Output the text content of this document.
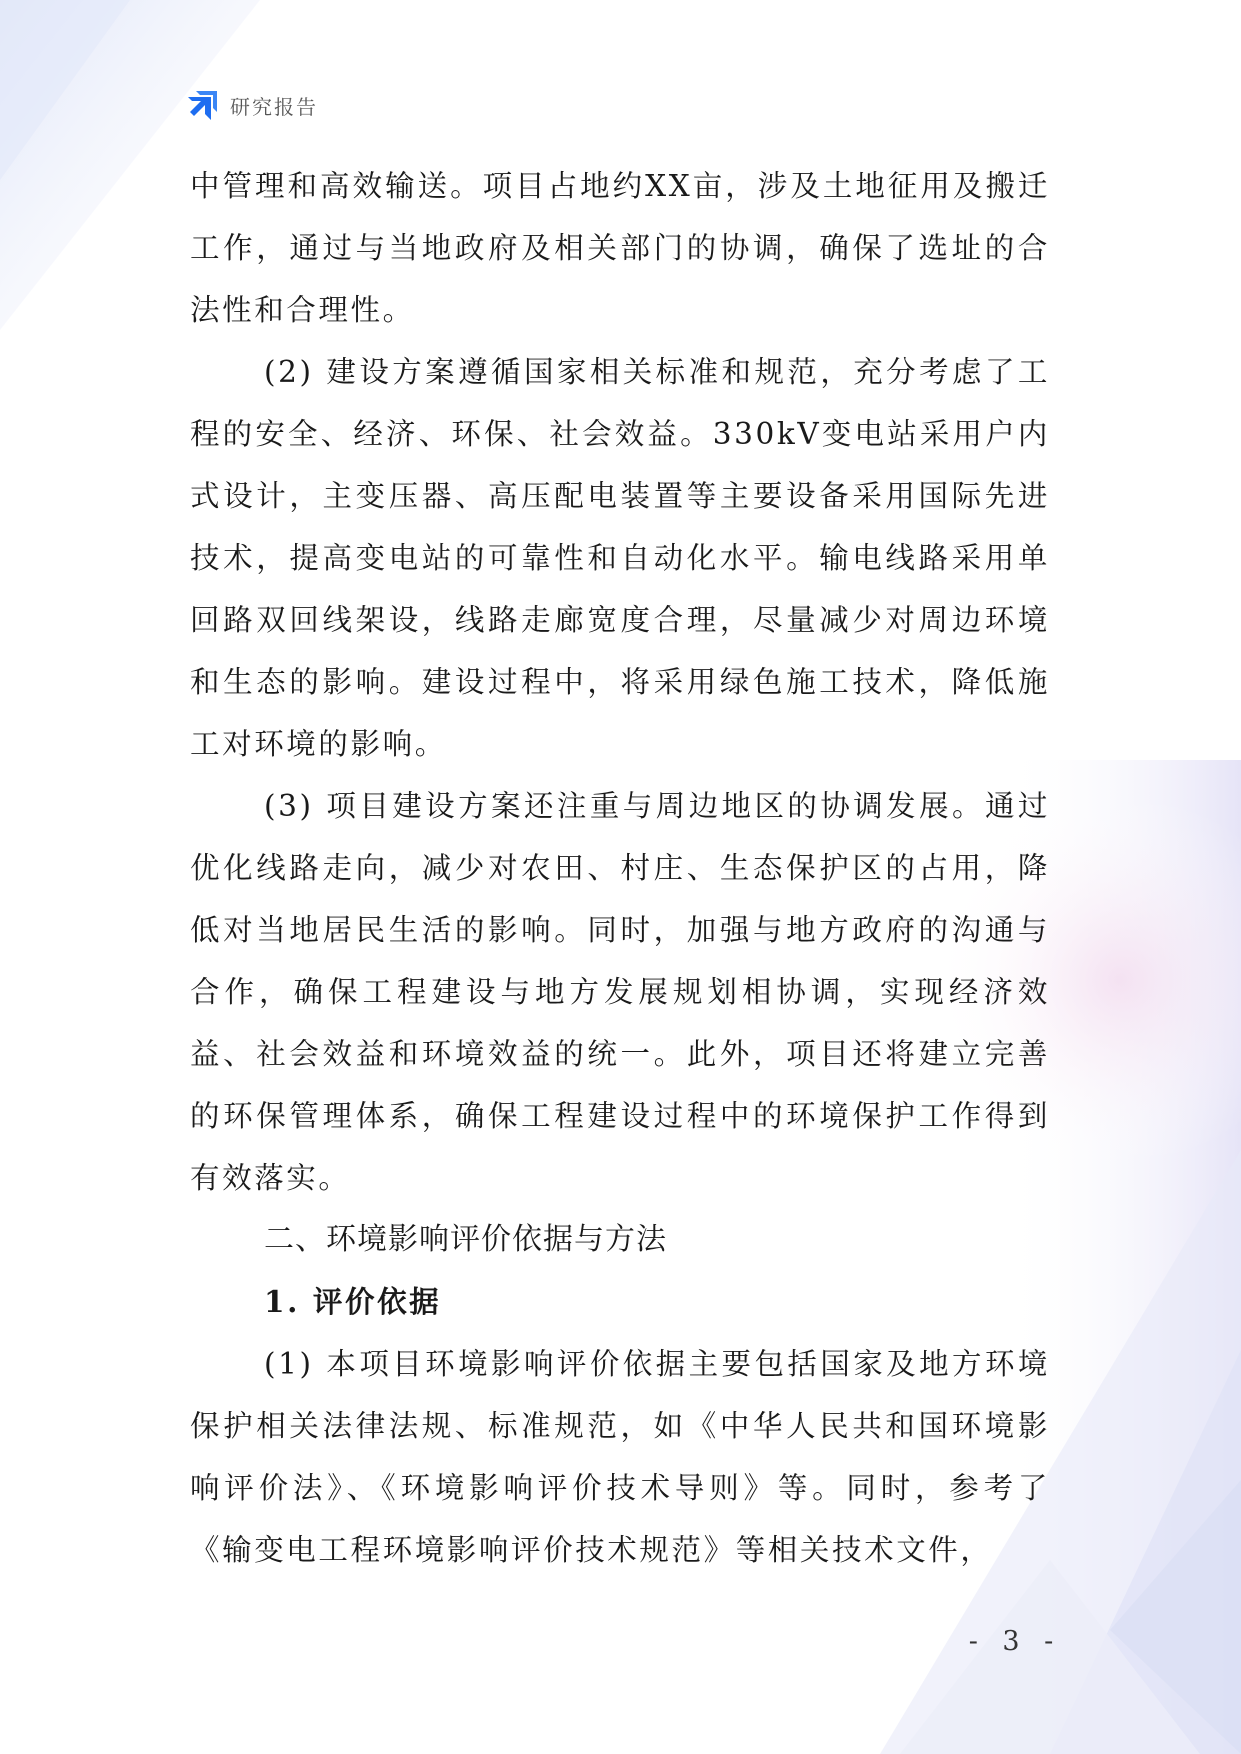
研究报告

中管理和高效输送。项目占地约XX亩，涉及土地征用及搬迁工作，通过与当地政府及相关部门的协调，确保了选址的合法性和合理性。

(2) 建设方案遵循国家相关标准和规范，充分考虑了工程的安全、经济、环保、社会效益。330kV变电站采用户内式设计，主变压器、高压配电装置等主要设备采用国际先进技术，提高变电站的可靠性和自动化水平。输电线路采用单回路双回线架设，线路走廊宽度合理，尽量减少对周边环境和生态的影响。建设过程中，将采用绿色施工技术，降低施工对环境的影响。

(3) 项目建设方案还注重与周边地区的协调发展。通过优化线路走向，减少对农田、村庄、生态保护区的占用，降低对当地居民生活的影响。同时，加强与地方政府的沟通与合作，确保工程建设与地方发展规划相协调，实现经济效益、社会效益和环境效益的统一。此外，项目还将建立完善的环保管理体系，确保工程建设过程中的环境保护工作得到有效落实。

二、环境影响评价依据与方法
1. 评价依据

(1) 本项目环境影响评价依据主要包括国家及地方环境保护相关法律法规、标准规范，如《中华人民共和国环境影响评价法》、《环境影响评价技术导则》等。同时，参考了《输变电工程环境影响评价技术规范》等相关技术文件，

- 3 -
